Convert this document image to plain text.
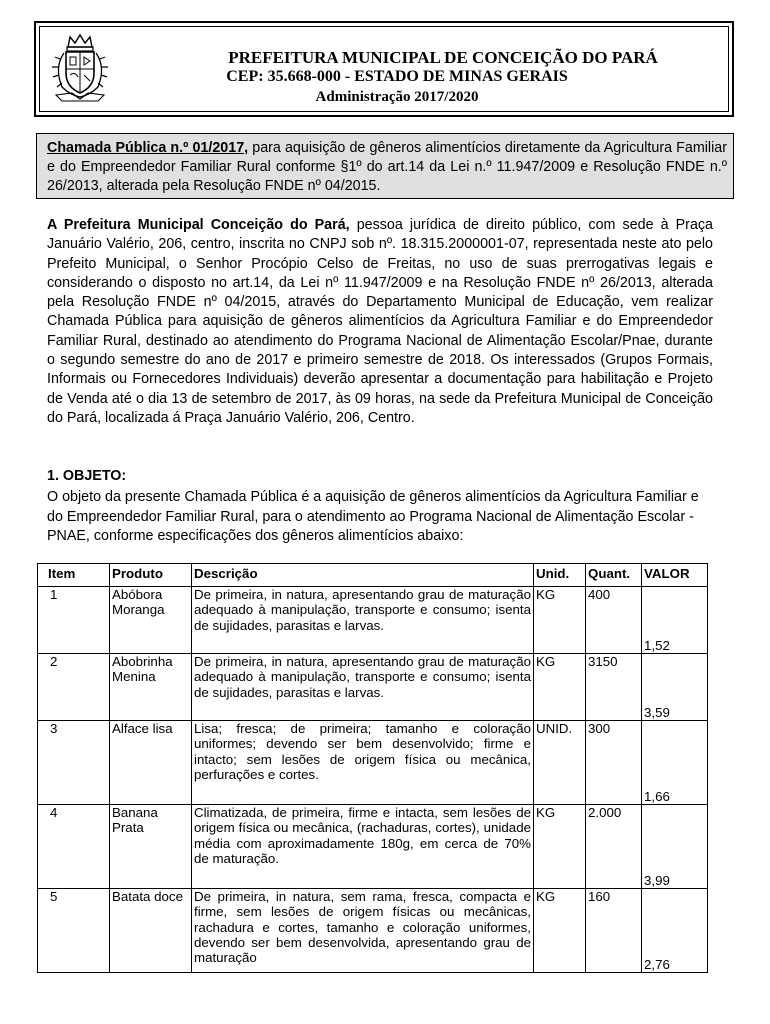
PREFEITURA MUNICIPAL DE CONCEIÇÃO DO PARÁ
CEP: 35.668-000 - ESTADO DE MINAS GERAIS
Administração 2017/2020
Chamada Pública n.º 01/2017, para aquisição de gêneros alimentícios diretamente da Agricultura Familiar e do Empreendedor Familiar Rural conforme §1º do art.14 da Lei n.º 11.947/2009 e Resolução FNDE n.º 26/2013, alterada pela Resolução FNDE nº 04/2015.

A Prefeitura Municipal Conceição do Pará, pessoa jurídica de direito público, com sede à Praça Januário Valério, 206, centro, inscrita no CNPJ sob nº. 18.315.2000001-07, representada neste ato pelo Prefeito Municipal, o Senhor Procópio Celso de Freitas, no uso de suas prerrogativas legais e considerando o disposto no art.14, da Lei nº 11.947/2009 e na Resolução FNDE nº 26/2013, alterada pela Resolução FNDE nº 04/2015, através do Departamento Municipal de Educação, vem realizar Chamada Pública para aquisição de gêneros alimentícios da Agricultura Familiar e do Empreendedor Familiar Rural, destinado ao atendimento do Programa Nacional de Alimentação Escolar/Pnae, durante o segundo semestre do ano de 2017 e primeiro semestre de 2018. Os interessados (Grupos Formais, Informais ou Fornecedores Individuais) deverão apresentar a documentação para habilitação e Projeto de Venda até o dia 13 de setembro de 2017, às 09 horas, na sede da Prefeitura Municipal de Conceição do Pará, localizada á Praça Januário Valério, 206, Centro.

1. OBJETO:

O objeto da presente Chamada Pública é a aquisição de gêneros alimentícios da Agricultura Familiar e do Empreendedor Familiar Rural, para o atendimento ao Programa Nacional de Alimentação Escolar - PNAE, conforme especificações dos gêneros alimentícios abaixo:

Item	Produto	Descrição	Unid.	Quant.	VALOR
1	Abóbora Moranga	De primeira, in natura, apresentando grau de maturação adequado à manipulação, transporte e consumo; isenta de sujidades, parasitas e larvas.	KG	400	1,52
2	Abobrinha Menina	De primeira, in natura, apresentando grau de maturação adequado à manipulação, transporte e consumo; isenta de sujidades, parasitas e larvas.	KG	3150	3,59
3	Alface lisa	Lisa; fresca; de primeira; tamanho e coloração uniformes; devendo ser bem desenvolvido; firme e intacto; sem lesões de origem física ou mecânica, perfurações e cortes.	UNID.	300	1,66
4	Banana Prata	Climatizada, de primeira, firme e intacta, sem lesões de origem física ou mecânica, (rachaduras, cortes), unidade média com aproximadamente 180g, em cerca de 70% de maturação.	KG	2.000	3,99
5	Batata doce	De primeira, in natura, sem rama, fresca, compacta e firme, sem lesões de origem físicas ou mecânicas, rachadura e cortes, tamanho e coloração uniformes, devendo ser bem desenvolvida, apresentando grau de maturação	KG	160	2,76
